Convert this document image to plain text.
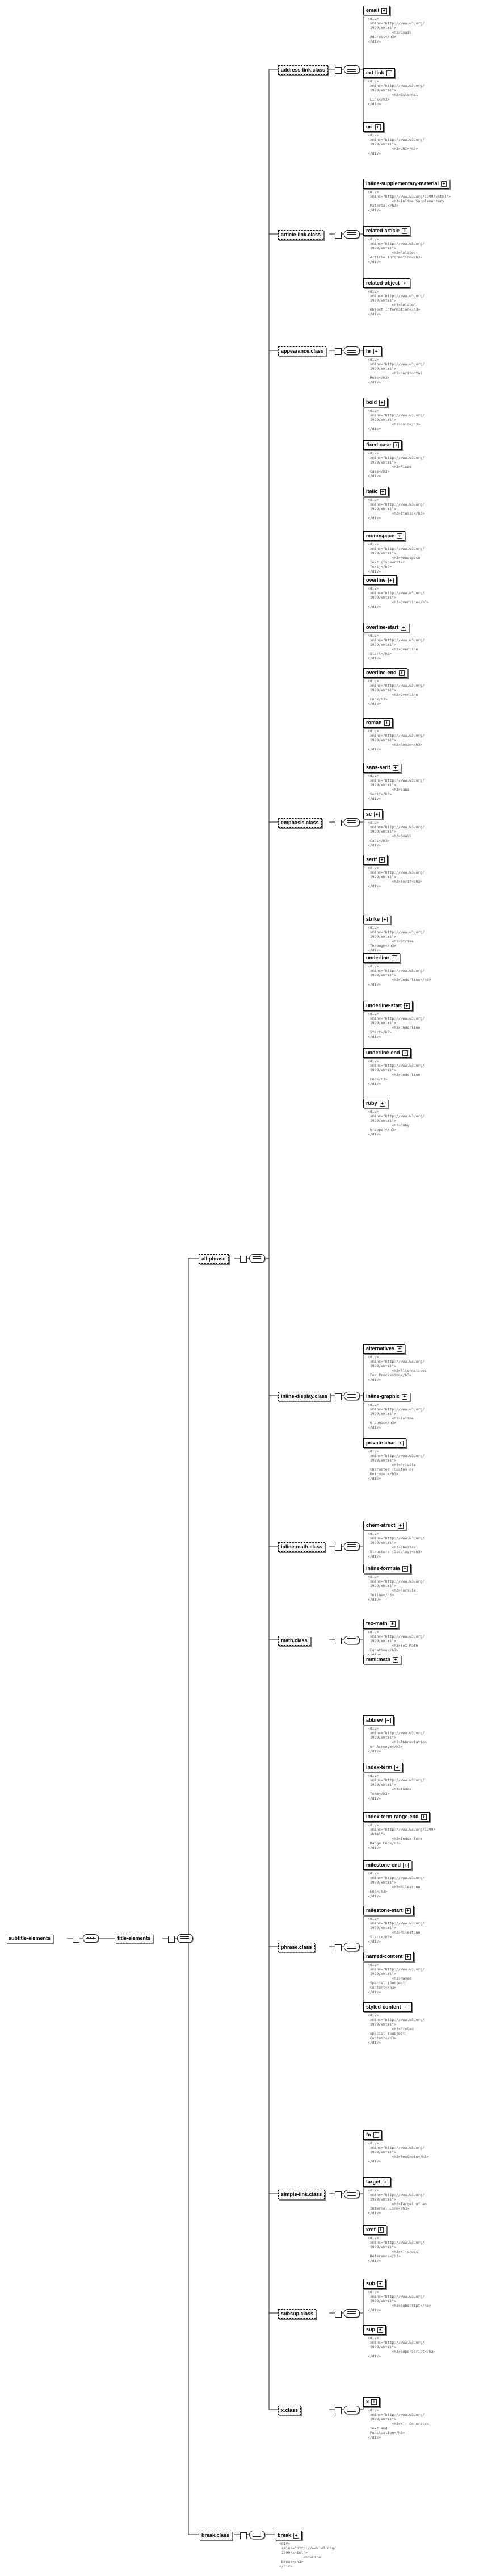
subtitle-elements	title-elements
all-phrase
break.class	break +
<div>
xmlns="http://www.w3.org/
1999/xhtml">
<h3>Line
Break</h3>
</div>
address-link.class
email +
<div>
xmlns="http://www.w3.org/
1999/xhtml">
<h3>Email
Address</h3>
</div>
ext-link +
<div>
xmlns="http://www.w3.org/
1999/xhtml">
<h3>External
Link</h3>
</div>
uri +
<div>
xmlns="http://www.w3.org/
1999/xhtml">
<h3>URI</h3>
</div>
article-link.class
inline-supplementary-material +
<div>
xmlns="http://www.w3.org/1999/xhtml">
<h3>Inline Supplementary
Material</h3>
</div>
related-article +
<div>
xmlns="http://www.w3.org/
1999/xhtml">
<h3>Related
Article Information</h3>
</div>
related-object +
<div>
xmlns="http://www.w3.org/
1999/xhtml">
<h3>Related
Object Information</h3>
</div>
appearance.class	hr +
<div>
xmlns="http://www.w3.org/
1999/xhtml">
<h3>Horizontal
Rule</h3>
</div>
emphasis.class
bold +
<div>
xmlns="http://www.w3.org/
1999/xhtml">
<h3>Bold</h3>
</div>
fixed-case +
<div>
xmlns="http://www.w3.org/
1999/xhtml">
<h3>Fixed
Case</h3>
</div>
italic +
<div>
xmlns="http://www.w3.org/
1999/xhtml">
<h3>Italic</h3>
</div>
monospace +
<div>
xmlns="http://www.w3.org/
1999/xhtml">
<h3>Monospace
Text (Typewriter
Text)</h3>
</div>
overline +
<div>
xmlns="http://www.w3.org/
1999/xhtml">
<h3>Overline</h3>
</div>
overline-start +
<div>
xmlns="http://www.w3.org/
1999/xhtml">
<h3>Overline
Start</h3>
</div>
overline-end +
<div>
xmlns="http://www.w3.org/
1999/xhtml">
<h3>Overline
End</h3>
</div>
roman +
<div>
xmlns="http://www.w3.org/
1999/xhtml">
<h3>Roman</h3>
</div>
sans-serif +
<div>
xmlns="http://www.w3.org/
1999/xhtml">
<h3>Sans
Serif</h3>
</div>
sc +
<div>
xmlns="http://www.w3.org/
1999/xhtml">
<h3>Small
Caps</h3>
</div>
serif +
<div>
xmlns="http://www.w3.org/
1999/xhtml">
<h3>Serif</h3>
</div>
strike +
<div>
xmlns="http://www.w3.org/
1999/xhtml">
<h3>Strike
Through</h3>
</div>
underline +
<div>
xmlns="http://www.w3.org/
1999/xhtml">
<h3>Underline</h3>
</div>
underline-start +
<div>
xmlns="http://www.w3.org/
1999/xhtml">
<h3>Underline
Start</h3>
</div>
underline-end +
<div>
xmlns="http://www.w3.org/
1999/xhtml">
<h3>Underline
End</h3>
</div>
ruby +
<div>
xmlns="http://www.w3.org/
1999/xhtml">
<h3>Ruby
Wrapper</h3>
</div>
inline-display.class
alternatives +
<div>
xmlns="http://www.w3.org/
1999/xhtml">
<h3>Alternatives
For Processing</h3>
</div>
inline-graphic +
<div>
xmlns="http://www.w3.org/
1999/xhtml">
<h3>Inline
Graphic</h3>
</div>
private-char +
<div>
xmlns="http://www.w3.org/
1999/xhtml">
<h3>Private
Character (Custom or
Unicode)</h3>
</div>
inline-math.class
chem-struct +
<div>
xmlns="http://www.w3.org/
1999/xhtml">
<h3>Chemical
Structure (Display)</h3>
</div>
inline-formula +
<div>
xmlns="http://www.w3.org/
1999/xhtml">
<h3>Formula,
Inline</h3>
</div>
math.class
tex-math +
<div>
xmlns="http://www.w3.org/
1999/xhtml">
<h3>TeX Math
Equation</h3>

mml:math +
phrase.class
abbrev +
<div>
xmlns="http://www.w3.org/
1999/xhtml">
<h3>Abbreviation
or Acronym</h3>
</div>
index-term +
<div>
xmlns="http://www.w3.org/
1999/xhtml">
<h3>Index
Term</h3>
</div>
index-term-range-end +
<div>
xmlns="http://www.w3.org/1999/
xhtml">
<h3>Index Term
Range End</h3>
</div>
milestone-end +
<div>
xmlns="http://www.w3.org/
1999/xhtml">
<h3>Milestone
End</h3>
</div>
milestone-start +
<div>
xmlns="http://www.w3.org/
1999/xhtml">
<h3>Milestone
Start</h3>
</div>
named-content +
<div>
xmlns="http://www.w3.org/
1999/xhtml">
<h3>Named
Special (Subject)
Content</h3>
</div>
styled-content +
<div>
xmlns="http://www.w3.org/
1999/xhtml">
<h3>Styled
Special (Subject)
Content</h3>
</div>
simple-link.class
fn +
<div>
xmlns="http://www.w3.org/
1999/xhtml">
<h3>Footnote</h3>
</div>
target +
<div>
xmlns="http://www.w3.org/
1999/xhtml">
<h3>Target of an
Internal Link</h3>
</div>
xref +
<div>
xmlns="http://www.w3.org/
1999/xhtml">
<h3>X (cross)
Reference</h3>
</div>
subsup.class
sub +
<div>
xmlns="http://www.w3.org/
1999/xhtml">
<h3>Subscript</h3>
</div>
sup +
<div>
xmlns="http://www.w3.org/
1999/xhtml">
<h3>Superscript</h3>
</div>
x.class
x +
<div>
xmlns="http://www.w3.org/
1999/xhtml">
<h3>X - Generated
Text and
Punctuation</h3>
</div>
